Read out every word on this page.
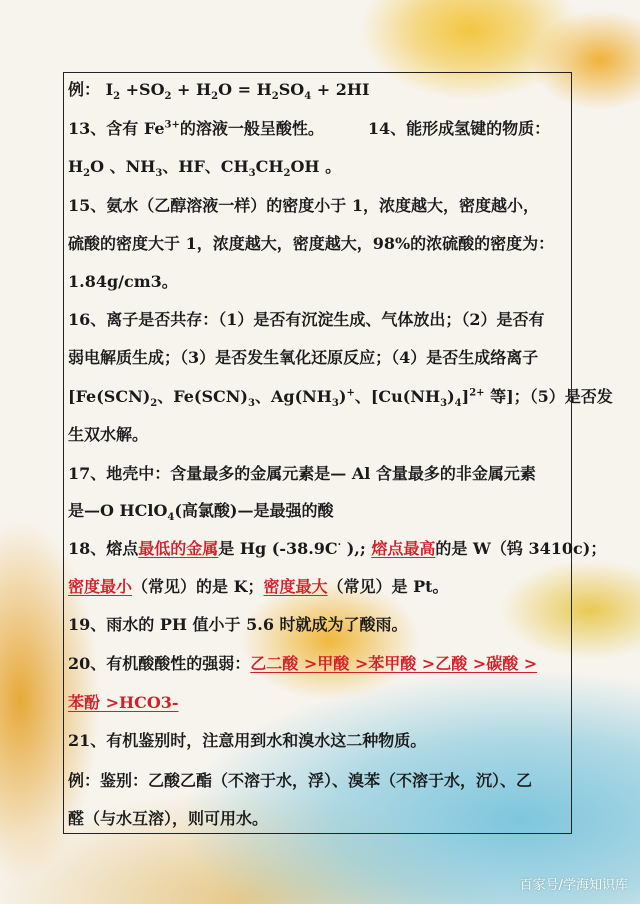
例： $I_2 +SO_2 + H_2O = H_2SO_4 + 2HI$
13、含有 $Fe^{3+}$的溶液一般呈酸性。	14、能形成氢键的物质：
$H_2O$ 、$NH_3$、HF、$CH_3CH_2OH$ 。
15、氨水（乙醇溶液一样）的密度小于 1，浓度越大，密度越小，
硫酸的密度大于 1，浓度越大，密度越大，98%的浓硫酸的密度为：
1.84g/cm3。
16、离子是否共存：（1）是否有沉淀生成、气体放出；（2）是否有
弱电解质生成；（3）是否发生氧化还原反应；（4）是否生成络离子
[$Fe(SCN)_2$、$Fe(SCN)_3$、$Ag(NH_3)^+$、$[Cu(NH_3)_4]^{2+}$ 等]；（5）是否发
生双水解。
17、地壳中：含量最多的金属元素是— Al 含量最多的非金属元素
是—O HClO$_4$(高氯酸)—是最强的酸
18、熔点最低的金属是 Hg (-38.9C· ),; 熔点最高的是 W（钨 3410c)；
密度最小（常见）的是 K；密度最大（常见）是 Pt。
19、雨水的 PH 值小于 5.6 时就成为了酸雨。
20、有机酸酸性的强弱：乙二酸 >甲酸 >苯甲酸 >乙酸 >碳酸 >
苯酚 >HCO3-
21、有机鉴别时，注意用到水和溴水这二种物质。
例：鉴别：乙酸乙酯（不溶于水，浮）、溴苯（不溶于水，沉）、乙
醛（与水互溶），则可用水。
百家号/学海知识库
